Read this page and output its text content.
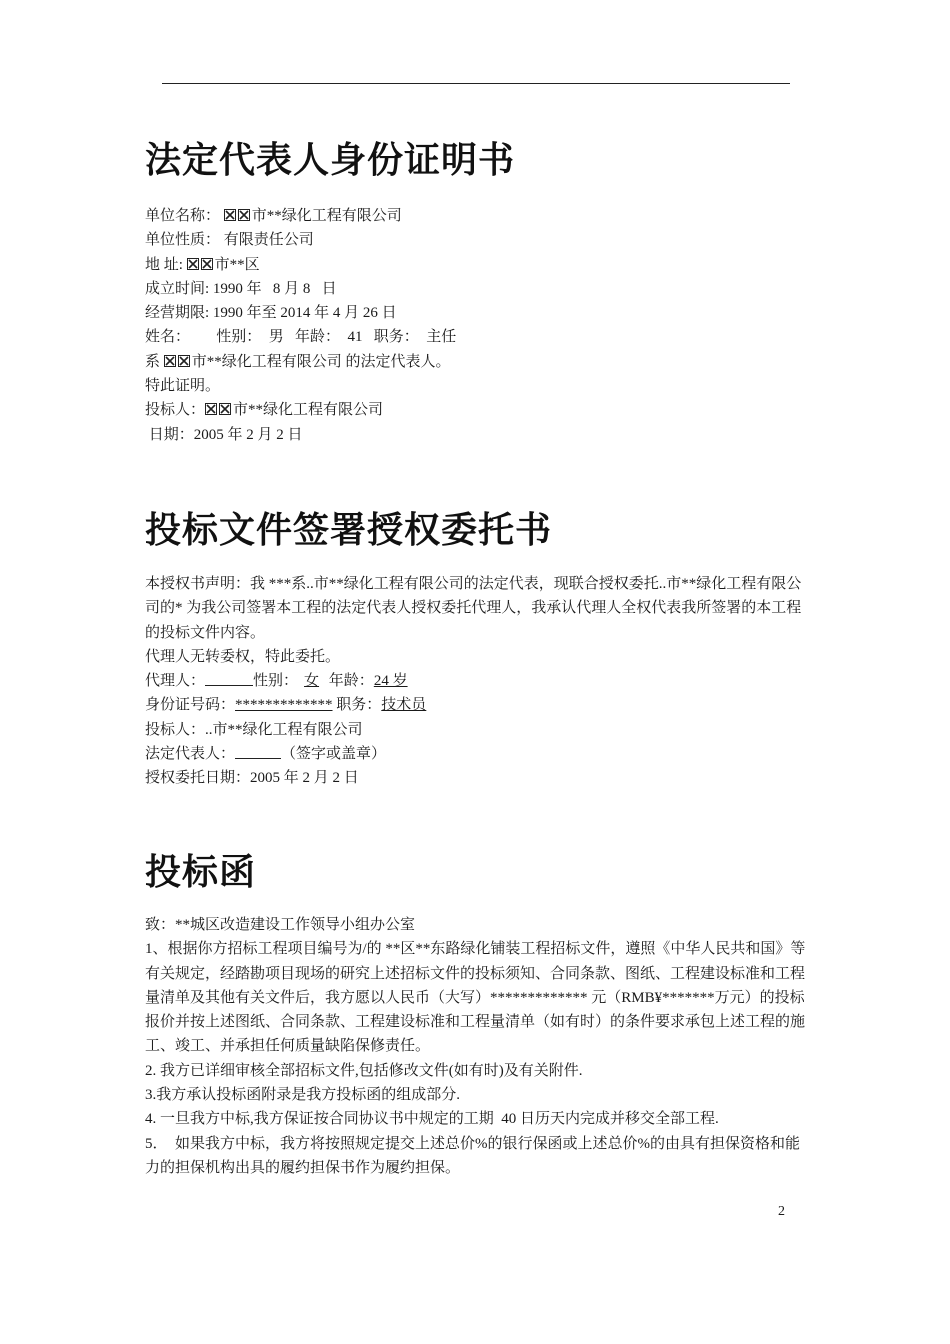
法定代表人身份证明书

单位名称： 市**绿化工程有限公司

单位性质： 有限责任公司

地 址:
市**区

成立时间: 1990 年   8 月 8   日

经营期限: 1990 年至 2014 年 4 月 26 日

姓名：       性别：  男   年龄：  41   职务：  主任

系
市**绿化工程有限公司 的法定代表人。

特此证明。

投标人： 市**绿化工程有限公司

日期：2005 年 2 月 2 日

投标文件签署授权委托书

本授权书声明：我 ***系..市**绿化工程有限公司的法定代表，现联合授权委托..市**绿化工程有限公司的* 为我公司签署本工程的法定代表人授权委托代理人，我承认代理人全权代表我所签署的本工程的投标文件内容。

代理人无转委权，特此委托。

代理人：	性别： 女 年龄：24 岁

身份证号码：************* 职务：技术员

投标人：..市**绿化工程有限公司

法定代表人：	（签字或盖章）

授权委托日期：2005 年 2 月 2 日

投标函

致：**城区改造建设工作领导小组办公室

1、根据你方招标工程项目编号为/的 **区**东路绿化铺装工程招标文件，遵照《中华人民共和国》等有关规定，经踏勘项目现场的研究上述招标文件的投标须知、合同条款、图纸、工程建设标准和工程量清单及其他有关文件后，我方愿以人民币（大写）************* 元（RMB¥*******万元）的投标报价并按上述图纸、合同条款、工程建设标准和工程量清单（如有时）的条件要求承包上述工程的施工、竣工、并承担任何质量缺陷保修责任。

2. 我方已详细审核全部招标文件,包括修改文件(如有时)及有关附件.

3.我方承认投标函附录是我方投标函的组成部分.

4. 一旦我方中标,我方保证按合同协议书中规定的工期  40 日历天内完成并移交全部工程.

5．  如果我方中标，我方将按照规定提交上述总价%的银行保函或上述总价%的由具有担保资格和能力的担保机构出具的履约担保书作为履约担保。

2
